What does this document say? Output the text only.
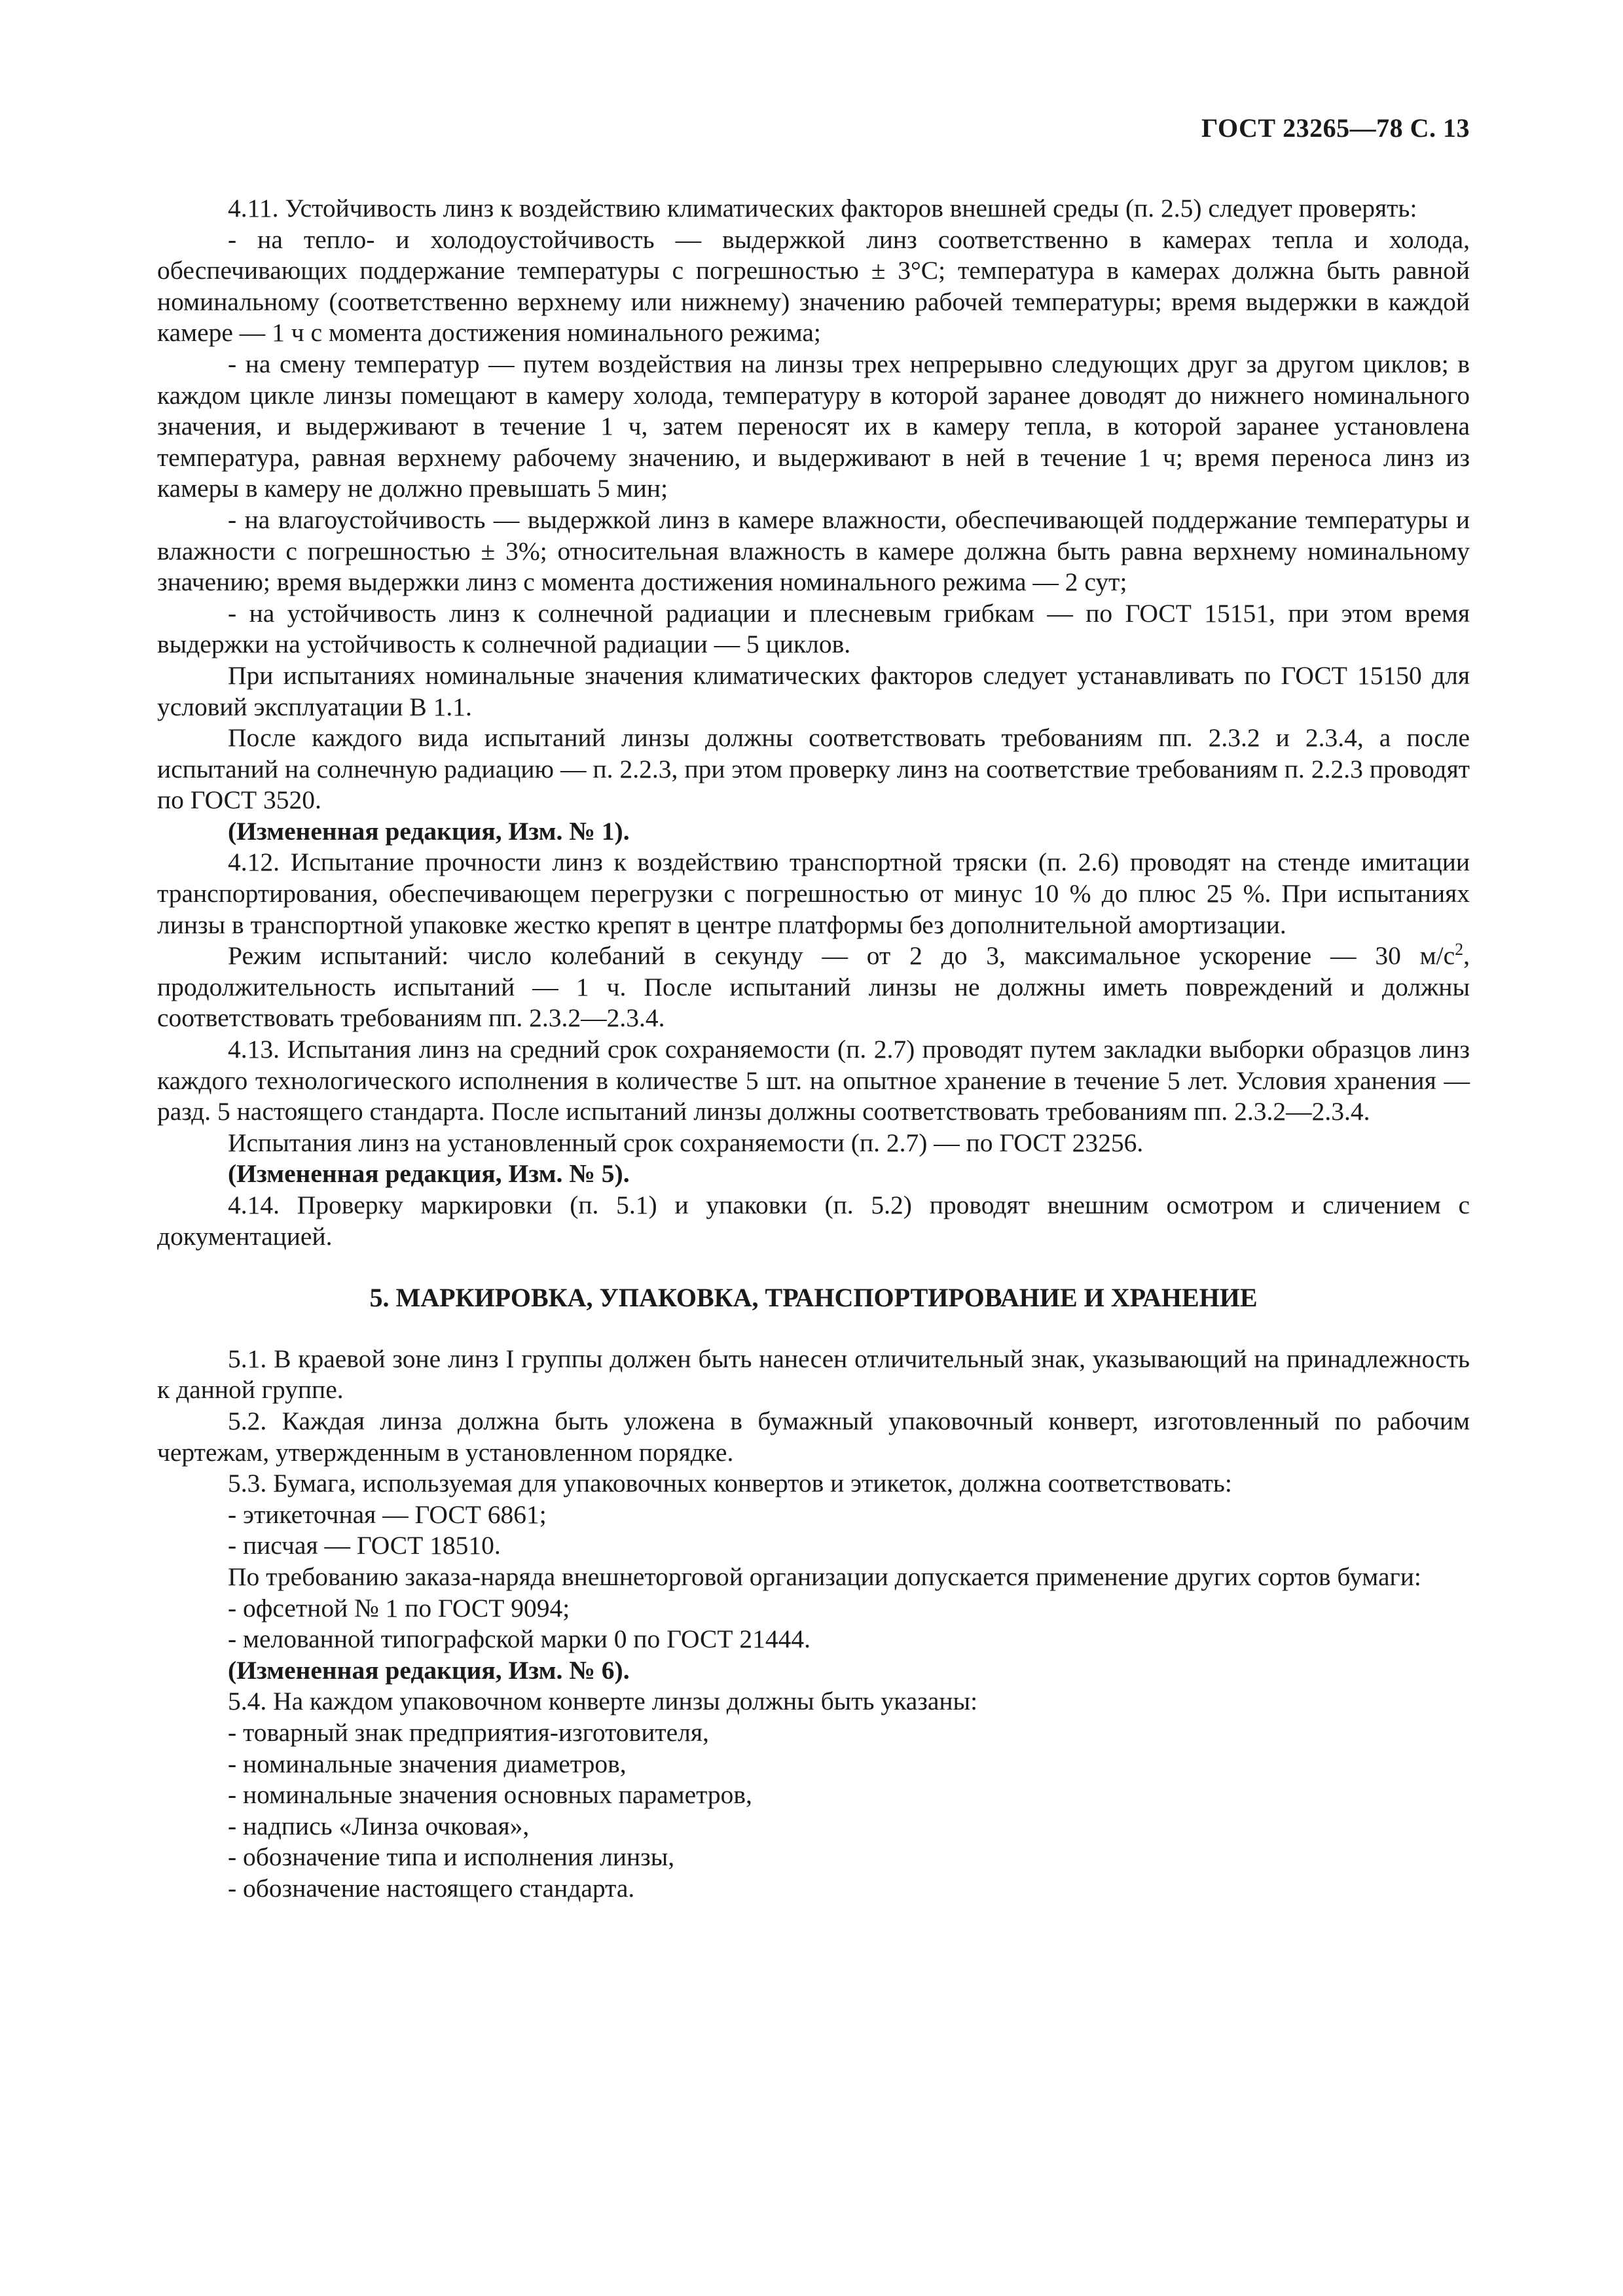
ГОСТ 23265—78 С. 13

4.11. Устойчивость линз к воздействию климатических факторов внешней среды (п. 2.5) следует проверять:

- на тепло- и холодоустойчивость — выдержкой линз соответственно в камерах тепла и холода, обеспечивающих поддержание температуры с погрешностью ± 3°С; температура в камерах должна быть равной номинальному (соответственно верхнему или нижнему) значению рабочей температуры; время выдержки в каждой камере — 1 ч с момента достижения номинального режима;

- на смену температур — путем воздействия на линзы трех непрерывно следующих друг за другом циклов; в каждом цикле линзы помещают в камеру холода, температуру в которой заранее доводят до нижнего номинального значения, и выдерживают в течение 1 ч, затем переносят их в камеру тепла, в которой заранее установлена температура, равная верхнему рабочему значению, и выдерживают в ней в течение 1 ч; время переноса линз из камеры в камеру не должно превышать 5 мин;

- на влагоустойчивость — выдержкой линз в камере влажности, обеспечивающей поддержание температуры и влажности с погрешностью ± 3%; относительная влажность в камере должна быть равна верхнему номинальному значению; время выдержки линз с момента достижения номинального режима — 2 сут;

- на устойчивость линз к солнечной радиации и плесневым грибкам — по ГОСТ 15151, при этом время выдержки на устойчивость к солнечной радиации — 5 циклов.

При испытаниях номинальные значения климатических факторов следует устанавливать по ГОСТ 15150 для условий эксплуатации В 1.1.

После каждого вида испытаний линзы должны соответствовать требованиям пп. 2.3.2 и 2.3.4, а после испытаний на солнечную радиацию — п. 2.2.3, при этом проверку линз на соответствие требованиям п. 2.2.3 проводят по ГОСТ 3520.

(Измененная редакция, Изм. № 1).

4.12. Испытание прочности линз к воздействию транспортной тряски (п. 2.6) проводят на стенде имитации транспортирования, обеспечивающем перегрузки с погрешностью от минус 10 % до плюс 25 %. При испытаниях линзы в транспортной упаковке жестко крепят в центре платформы без дополнительной амортизации.

Режим испытаний: число колебаний в секунду — от 2 до 3, максимальное ускорение — 30 $м/с^2$, продолжительность испытаний — 1 ч. После испытаний линзы не должны иметь повреждений и должны соответствовать требованиям пп. 2.3.2—2.3.4.

4.13. Испытания линз на средний срок сохраняемости (п. 2.7) проводят путем закладки выборки образцов линз каждого технологического исполнения в количестве 5 шт. на опытное хранение в течение 5 лет. Условия хранения — разд. 5 настоящего стандарта. После испытаний линзы должны соответствовать требованиям пп. 2.3.2—2.3.4.

Испытания линз на установленный срок сохраняемости (п. 2.7) — по ГОСТ 23256.

(Измененная редакция, Изм. № 5).

4.14. Проверку маркировки (п. 5.1) и упаковки (п. 5.2) проводят внешним осмотром и сличением с документацией.

5. МАРКИРОВКА, УПАКОВКА, ТРАНСПОРТИРОВАНИЕ И ХРАНЕНИЕ

5.1. В краевой зоне линз I группы должен быть нанесен отличительный знак, указывающий на принадлежность к данной группе.

5.2. Каждая линза должна быть уложена в бумажный упаковочный конверт, изготовленный по рабочим чертежам, утвержденным в установленном порядке.

5.3. Бумага, используемая для упаковочных конвертов и этикеток, должна соответствовать:

- этикеточная — ГОСТ 6861;

- писчая — ГОСТ 18510.

По требованию заказа-наряда внешнеторговой организации допускается применение других сортов бумаги:

- офсетной № 1 по ГОСТ 9094;

- мелованной типографской марки 0 по ГОСТ 21444.

(Измененная редакция, Изм. № 6).

5.4. На каждом упаковочном конверте линзы должны быть указаны:

- товарный знак предприятия-изготовителя,

- номинальные значения диаметров,

- номинальные значения основных параметров,

- надпись «Линза очковая»,

- обозначение типа и исполнения линзы,

- обозначение настоящего стандарта.
